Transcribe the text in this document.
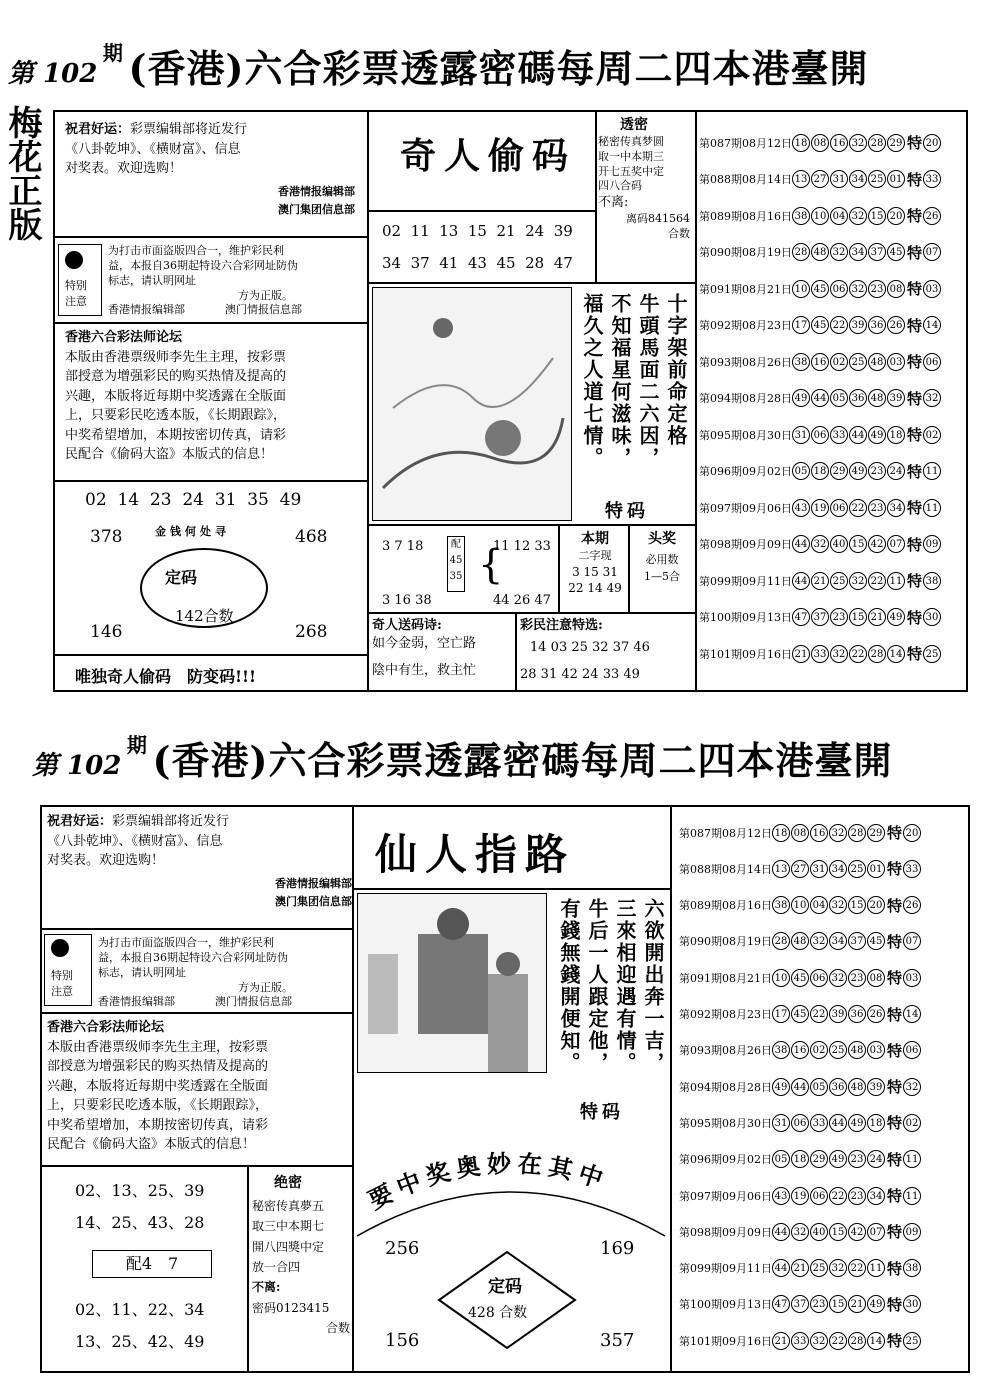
第 102 期 (香港)六合彩票透露密碼每周二四本港臺開
梅花正版 祝君好运：彩票编辑部将近发行
《八卦乾坤》、《横财富》、信息
对奖表。欢迎选购！
香港情报编辑部
澳门集团信息部
特别
注意
为打击市面盗版四合一，维护彩民利
益，本报自36期起特设六合彩网址防伪
标志，请认明网址
方为正版。
香港情报编辑部	澳门情报信息部
香港六合彩法师论坛
本版由香港票级师李先生主理，按彩票
部授意为增强彩民的购买热情及提高的
兴趣，本版将近每期中奖透露在全版面
上，只要彩民吃透本版，《长期跟踪》，
中奖希望增加，本期按密切传真，请彩
民配合《偷码大盗》本版式的信息！
02  14  23  24  31  35  49
378	468
146	268
金钱何处寻
定码
142合数
唯独奇人偷码　防变码!!!
奇人偷码
02  11  13  15  21  24  39
34  37  41  43  45  28  47
透密
秘密传真梦圆
取一中本期三
开七五奖中定
四八合码
不离:
离码841564
合数
十字架前命定格
牛頭馬面二六因，
不知福星何滋味，
福久之人道七情。
特码
3 7 18
3 16 38
配
45
35 {
11 12 33
44 26 47
本期
二字现
3 15 31
22 14 49
头奖
必用数
1—5合
奇人送码诗:
如今金弱，空亡路
陰中有生，救主忙
彩民注意特选:
14 03 25 32 37 46
28 31 42 24 33 49
第087期08月12日 18 08 16 32 28 29 特 20
第088期08月14日 13 27 31 34 25 01 特 33
第089期08月16日 38 10 04 32 15 20 特 26
第090期08月19日 28 48 32 34 37 45 特 07
第091期08月21日 10 45 06 32 23 08 特 03
第092期08月23日 17 45 22 39 36 26 特 14
第093期08月26日 38 16 02 25 48 03 特 06
第094期08月28日 49 44 05 36 48 39 特 32
第095期08月30日 31 06 33 44 49 18 特 02
第096期09月02日 05 18 29 49 23 24 特 11
第097期09月06日 43 19 06 22 23 34 特 11
第098期09月09日 44 32 40 15 42 07 特 09
第099期09月11日 44 21 25 32 22 11 特 38
第100期09月13日 47 37 23 15 21 49 特 30
第101期09月16日 21 33 32 22 28 14 特 25
第 102 期 (香港)六合彩票透露密碼每周二四本港臺開
祝君好运：彩票编辑部将近发行
《八卦乾坤》、《横财富》、信息
对奖表。欢迎选购！
香港情报编辑部
澳门集团信息部
特别
注意
为打击市面盗版四合一，维护彩民利
益，本报自36期起特设六合彩网址防伪
标志，请认明网址
方为正版。
香港情报编辑部	澳门情报信息部
香港六合彩法师论坛
本版由香港票级师李先生主理，按彩票
部授意为增强彩民的购买热情及提高的
兴趣，本版将近每期中奖透露在全版面
上，只要彩民吃透本版，《长期跟踪》，
中奖希望增加，本期按密切传真，请彩
民配合《偷码大盗》本版式的信息！
02、13、25、39
14、25、43、28
配4　7
02、11、22、34
13、25、42、49
绝密
秘密传真夢五
取三中本期七
開八四獎中定
放一合四
不离:
密码0123415
合数
仙人指路
六欲開出奔一吉，
三來相迎遇有情。
牛后一人跟定他，
有錢無錢開便知。
特码
要中奖奥妙在其中
256	169
156	357
定码
428 合数
第087期08月12日 18 08 16 32 28 29 特 20
第088期08月14日 13 27 31 34 25 01 特 33
第089期08月16日 38 10 04 32 15 20 特 26
第090期08月19日 28 48 32 34 37 45 特 07
第091期08月21日 10 45 06 32 23 08 特 03
第092期08月23日 17 45 22 39 36 26 特 14
第093期08月26日 38 16 02 25 48 03 特 06
第094期08月28日 49 44 05 36 48 39 特 32
第095期08月30日 31 06 33 44 49 18 特 02
第096期09月02日 05 18 29 49 23 24 特 11
第097期09月06日 43 19 06 22 23 34 特 11
第098期09月09日 44 32 40 15 42 07 特 09
第099期09月11日 44 21 25 32 22 11 特 38
第100期09月13日 47 37 23 15 21 49 特 30
第101期09月16日 21 33 32 22 28 14 特 25
